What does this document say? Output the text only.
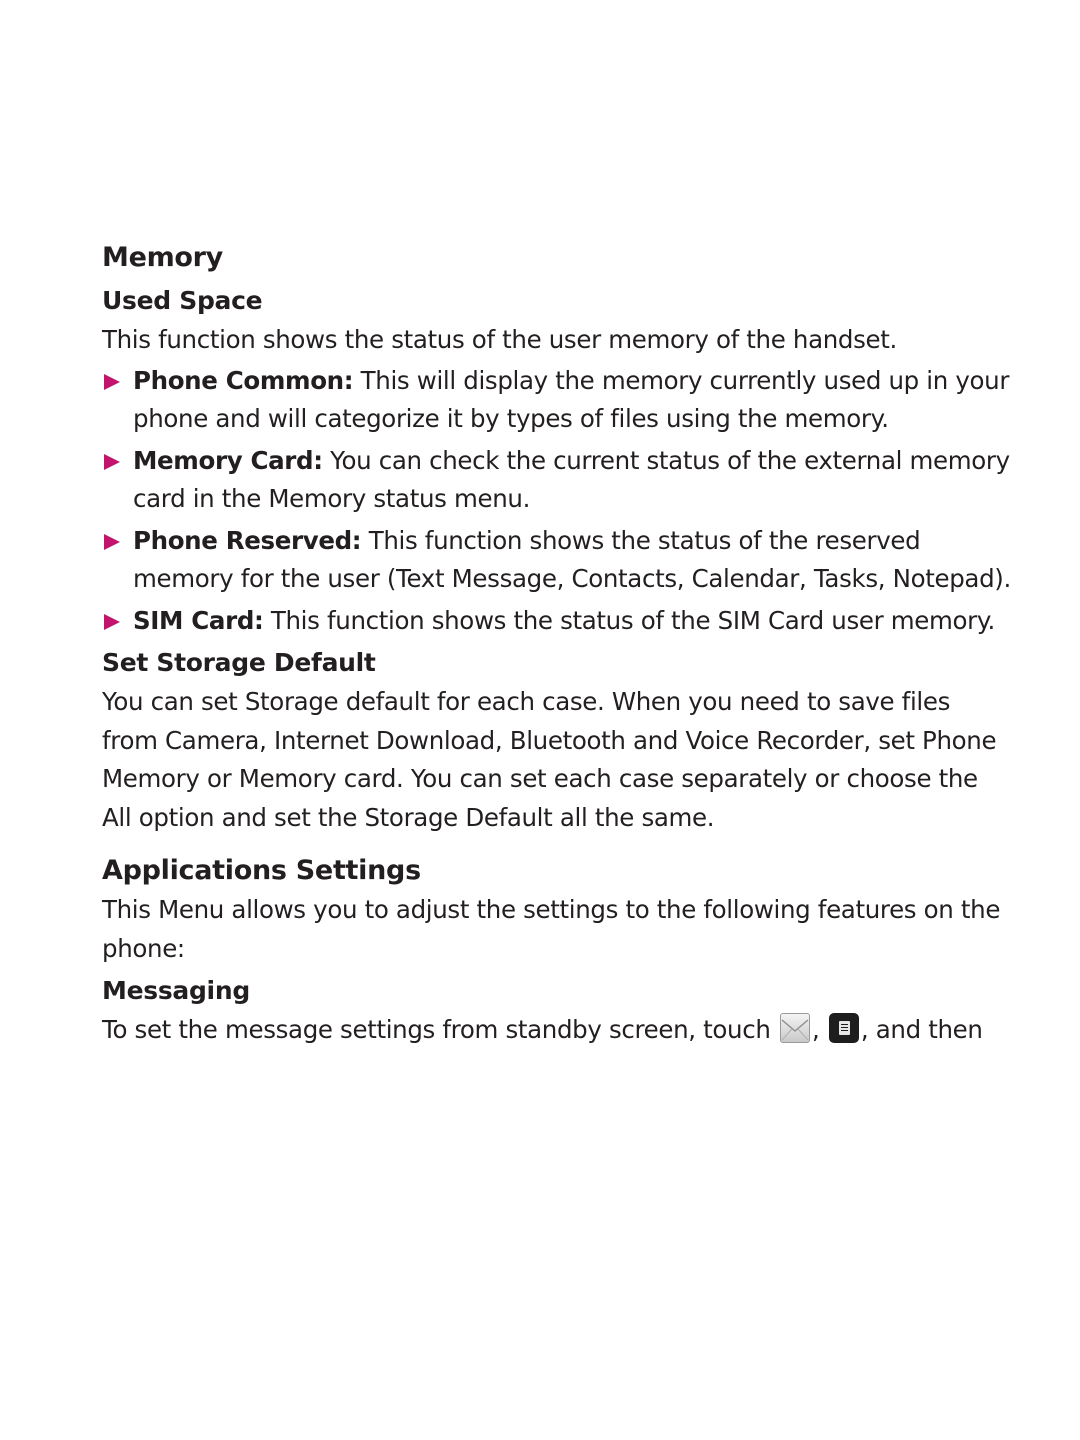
Memory
Used Space

This function shows the status of the user memory of the handset.

Phone Common: This will display the memory currently used up in your phone and will categorize it by types of files using the memory.
Memory Card: You can check the current status of the external memory card in the Memory status menu.
Phone Reserved: This function shows the status of the reserved memory for the user (Text Message, Contacts, Calendar, Tasks, Notepad).
SIM Card: This function shows the status of the SIM Card user memory.
Set Storage Default

You can set Storage default for each case. When you need to save files from Camera, Internet Download, Bluetooth and Voice Recorder, set Phone Memory or Memory card. You can set each case separately or choose the All option and set the Storage Default all the same.

Applications Settings

This Menu allows you to adjust the settings to the following features on the phone:

Messaging

To set the message settings from standby screen, touch
,
, and then
